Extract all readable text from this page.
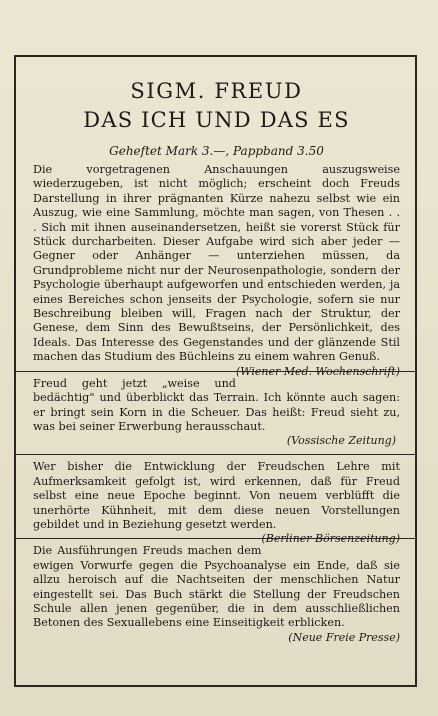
SIGM. FREUD
DAS ICH UND DAS ES

Geheftet Mark 3.—, Pappband 3.50

Die vorgetragenen Anschauungen auszugsweise wiederzugeben, ist nicht möglich; erscheint doch Freuds Darstellung in ihrer prägnanten Kürze nahezu selbst wie ein Auszug, wie eine Sammlung, möchte man sagen, von Thesen . . . Sich mit ihnen auseinandersetzen, heißt sie vorerst Stück für Stück durcharbeiten. Dieser Aufgabe wird sich aber jeder — Gegner oder Anhänger — unterziehen müssen, da Grundprobleme nicht nur der Neurosenpathologie, sondern der Psychologie überhaupt aufgeworfen und entschieden werden, ja eines Bereiches schon jenseits der Psychologie, sofern sie nur Beschreibung bleiben will, Fragen nach der Struktur, der Genese, dem Sinn des Bewußtseins, der Persönlichkeit, des Ideals. Das Interesse des Gegenstandes und der glänzende Stil machen das Studium des Büchleins zu einem wahren Genuß.
(Wiener Med. Wochenschrift)

Freud geht jetzt „weise und bedächtig" und überblickt das Terrain. Ich könnte auch sagen: er bringt sein Korn in die Scheuer. Das heißt: Freud sieht zu, was bei seiner Erwerbung herausschaut.

(Vossische Zeitung)

Wer bisher die Entwicklung der Freudschen Lehre mit Aufmerksamkeit gefolgt ist, wird erkennen, daß für Freud selbst eine neue Epoche beginnt. Von neuem verblüfft die unerhörte Kühnheit, mit dem diese neuen Vorstellungen gebildet und in Beziehung gesetzt werden.
(Berliner Börsenzeitung)

Die Ausführungen Freuds machen dem ewigen Vorwurfe gegen die Psychoanalyse ein Ende, daß sie allzu heroisch auf die Nachtseiten der menschlichen Natur eingestellt sei. Das Buch stärkt die Stellung der Freudschen Schule allen jenen gegenüber, die in dem ausschließlichen Betonen des Sexuallebens eine Einseitigkeit erblicken.
(Neue Freie Presse)
